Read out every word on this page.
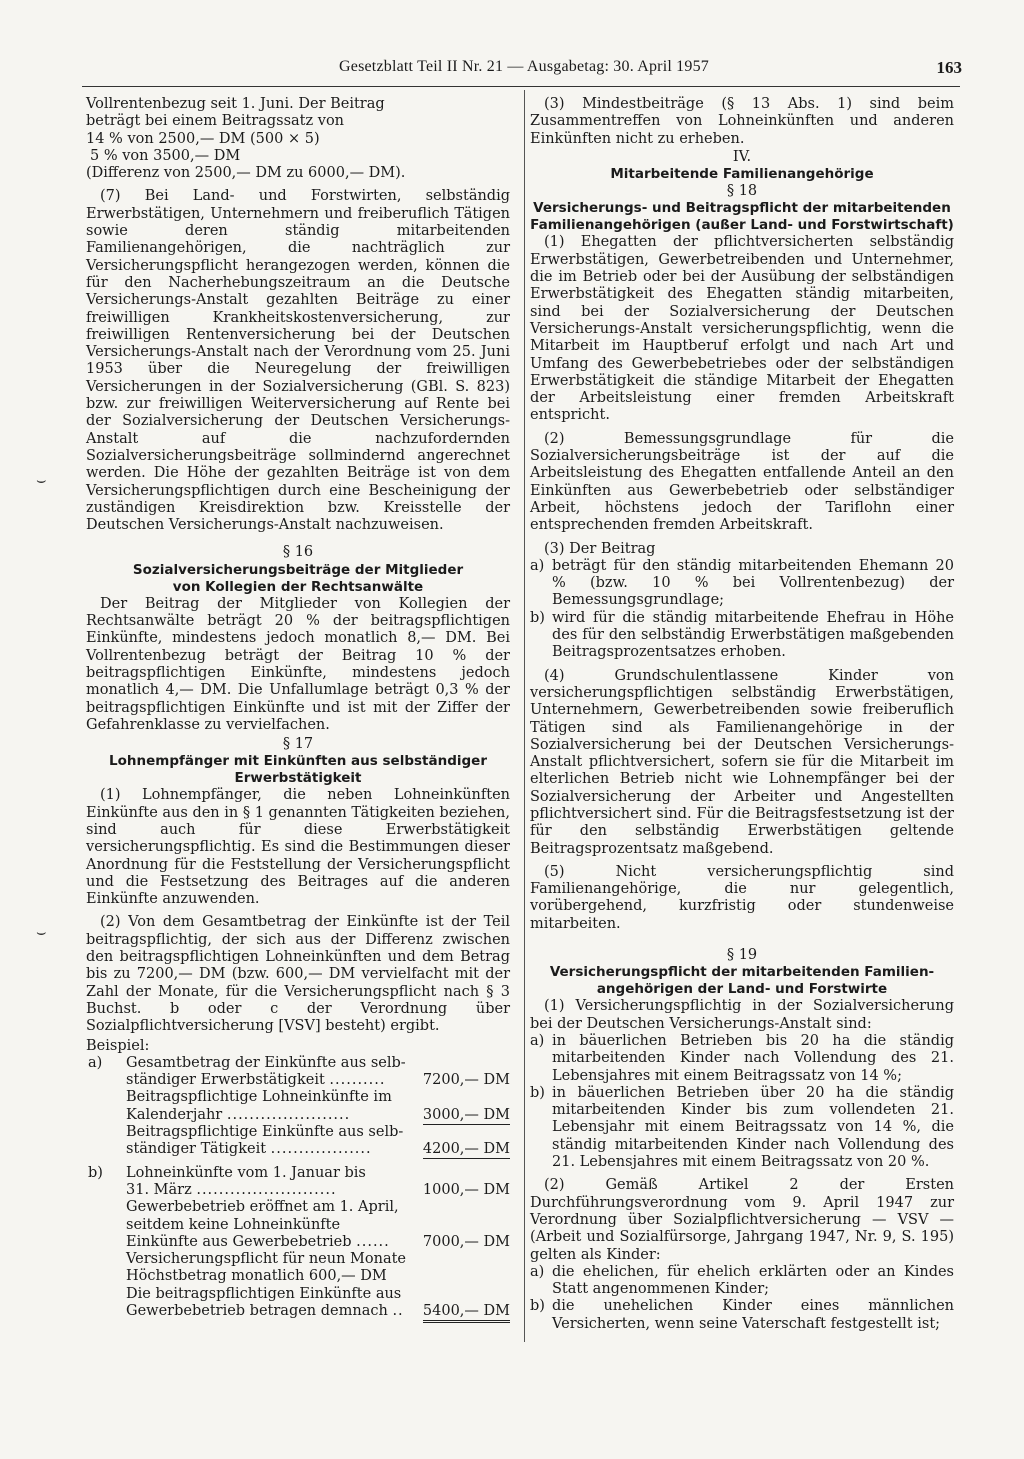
Gesetzblatt Teil II Nr. 21 — Ausgabetag: 30. April 1957	163
Vollrentenbezug seit 1. Juni. Der Beitrag
beträgt bei einem Beitragssatz von
14 % von 2500,— DM (500 × 5)
5 % von 3500,— DM
(Differenz von 2500,— DM zu 6000,— DM).

(7) Bei Land- und Forstwirten, selbständig Erwerbstätigen, Unternehmern und freiberuflich Tätigen sowie deren ständig mitarbeitenden Familienangehörigen, die nachträglich zur Versicherungspflicht herangezogen werden, können die für den Nacherhebungszeitraum an die Deutsche Versicherungs-Anstalt gezahlten Beiträge zu einer freiwilligen Krankheitskostenversicherung, zur freiwilligen Rentenversicherung bei der Deutschen Versicherungs-Anstalt nach der Verordnung vom 25. Juni 1953 über die Neuregelung der freiwilligen Versicherungen in der Sozialversicherung (GBl. S. 823) bzw. zur freiwilligen Weiterversicherung auf Rente bei der Sozialversicherung der Deutschen Versicherungs-Anstalt auf die nachzufordernden Sozialversicherungsbeiträge sollmindernd angerechnet werden. Die Höhe der gezahlten Beiträge ist von dem Versicherungspflichtigen durch eine Bescheinigung der zuständigen Kreisdirektion bzw. Kreisstelle der Deutschen Versicherungs-Anstalt nachzuweisen.

§ 16
Sozialversicherungsbeiträge der Mitglieder
von Kollegien der Rechtsanwälte

Der Beitrag der Mitglieder von Kollegien der Rechtsanwälte beträgt 20 % der beitragspflichtigen Einkünfte, mindestens jedoch monatlich 8,— DM. Bei Vollrentenbezug beträgt der Beitrag 10 % der beitragspflichtigen Einkünfte, mindestens jedoch monatlich 4,— DM. Die Unfallumlage beträgt 0,3 % der beitragspflichtigen Einkünfte und ist mit der Ziffer der Gefahrenklasse zu vervielfachen.

§ 17
Lohnempfänger mit Einkünften aus selbständiger
Erwerbstätigkeit

(1) Lohnempfänger, die neben Lohneinkünften Einkünfte aus den in § 1 genannten Tätigkeiten beziehen, sind auch für diese Erwerbstätigkeit versicherungspflichtig. Es sind die Bestimmungen dieser Anordnung für die Feststellung der Versicherungspflicht und die Festsetzung des Beitrages auf die anderen Einkünfte anzuwenden.

(2) Von dem Gesamtbetrag der Einkünfte ist der Teil beitragspflichtig, der sich aus der Differenz zwischen den beitragspflichtigen Lohneinkünften und dem Betrag bis zu 7200,— DM (bzw. 600,— DM vervielfacht mit der Zahl der Monate, für die Versicherungspflicht nach § 3 Buchst. b oder c der Verordnung über Sozialpflichtversicherung [VSV] besteht) ergibt.

Beispiel:
a)	Gesamtbetrag der Einkünfte aus selb-
ständiger Erwerbstätigkeit ..........	7200,— DM
Beitragspflichtige Lohneinkünfte im
Kalenderjahr ......................	3000,— DM
Beitragspflichtige Einkünfte aus selb-
ständiger Tätigkeit ..................	4200,— DM
b)	Lohneinkünfte vom 1. Januar bis
31. März .........................	1000,— DM
Gewerbebetrieb eröffnet am 1. April,
seitdem keine Lohneinkünfte
Einkünfte aus Gewerbebetrieb ......	7000,— DM
Versicherungspflicht für neun Monate
Höchstbetrag monatlich 600,— DM
Die beitragspflichtigen Einkünfte aus
Gewerbebetrieb betragen demnach ..	5400,— DM

(3) Mindestbeiträge (§ 13 Abs. 1) sind beim Zusammentreffen von Lohneinkünften und anderen Einkünften nicht zu erheben.

IV.
Mitarbeitende Familienangehörige
§ 18
Versicherungs- und Beitragspflicht der mitarbeitenden
Familienangehörigen (außer Land- und Forstwirtschaft)

(1) Ehegatten der pflichtversicherten selbständig Erwerbstätigen, Gewerbetreibenden und Unternehmer, die im Betrieb oder bei der Ausübung der selbständigen Erwerbstätigkeit des Ehegatten ständig mitarbeiten, sind bei der Sozialversicherung der Deutschen Versicherungs-Anstalt versicherungspflichtig, wenn die Mitarbeit im Hauptberuf erfolgt und nach Art und Umfang des Gewerbebetriebes oder der selbständigen Erwerbstätigkeit die ständige Mitarbeit der Ehegatten der Arbeitsleistung einer fremden Arbeitskraft entspricht.

(2) Bemessungsgrundlage für die Sozialversicherungsbeiträge ist der auf die Arbeitsleistung des Ehegatten entfallende Anteil an den Einkünften aus Gewerbebetrieb oder selbständiger Arbeit, höchstens jedoch der Tariflohn einer entsprechenden fremden Arbeitskraft.

(3) Der Beitrag

a) beträgt für den ständig mitarbeitenden Ehemann 20 % (bzw. 10 % bei Vollrentenbezug) der Bemessungsgrundlage;
b) wird für die ständig mitarbeitende Ehefrau in Höhe des für den selbständig Erwerbstätigen maßgebenden Beitragsprozentsatzes erhoben.

(4) Grundschulentlassene Kinder von versicherungspflichtigen selbständig Erwerbstätigen, Unternehmern, Gewerbetreibenden sowie freiberuflich Tätigen sind als Familienangehörige in der Sozialversicherung bei der Deutschen Versicherungs-Anstalt pflichtversichert, sofern sie für die Mitarbeit im elterlichen Betrieb nicht wie Lohnempfänger bei der Sozialversicherung der Arbeiter und Angestellten pflichtversichert sind. Für die Beitragsfestsetzung ist der für den selbständig Erwerbstätigen geltende Beitragsprozentsatz maßgebend.

(5) Nicht versicherungspflichtig sind Familienangehörige, die nur gelegentlich, vorübergehend, kurzfristig oder stundenweise mitarbeiten.

§ 19
Versicherungspflicht der mitarbeitenden Familien-
angehörigen der Land- und Forstwirte

(1) Versicherungspflichtig in der Sozialversicherung bei der Deutschen Versicherungs-Anstalt sind:

a) in bäuerlichen Betrieben bis 20 ha die ständig mitarbeitenden Kinder nach Vollendung des 21. Lebensjahres mit einem Beitragssatz von 14 %;
b) in bäuerlichen Betrieben über 20 ha die ständig mitarbeitenden Kinder bis zum vollendeten 21. Lebensjahr mit einem Beitragssatz von 14 %, die ständig mitarbeitenden Kinder nach Vollendung des 21. Lebensjahres mit einem Beitragssatz von 20 %.

(2) Gemäß Artikel 2 der Ersten Durchführungsverordnung vom 9. April 1947 zur Verordnung über Sozialpflichtversicherung — VSV — (Arbeit und Sozialfürsorge, Jahrgang 1947, Nr. 9, S. 195) gelten als Kinder:

a) die ehelichen, für ehelich erklärten oder an Kindes Statt angenommenen Kinder;
b) die unehelichen Kinder eines männlichen Versicherten, wenn seine Vaterschaft festgestellt ist;
⌣
⌣
